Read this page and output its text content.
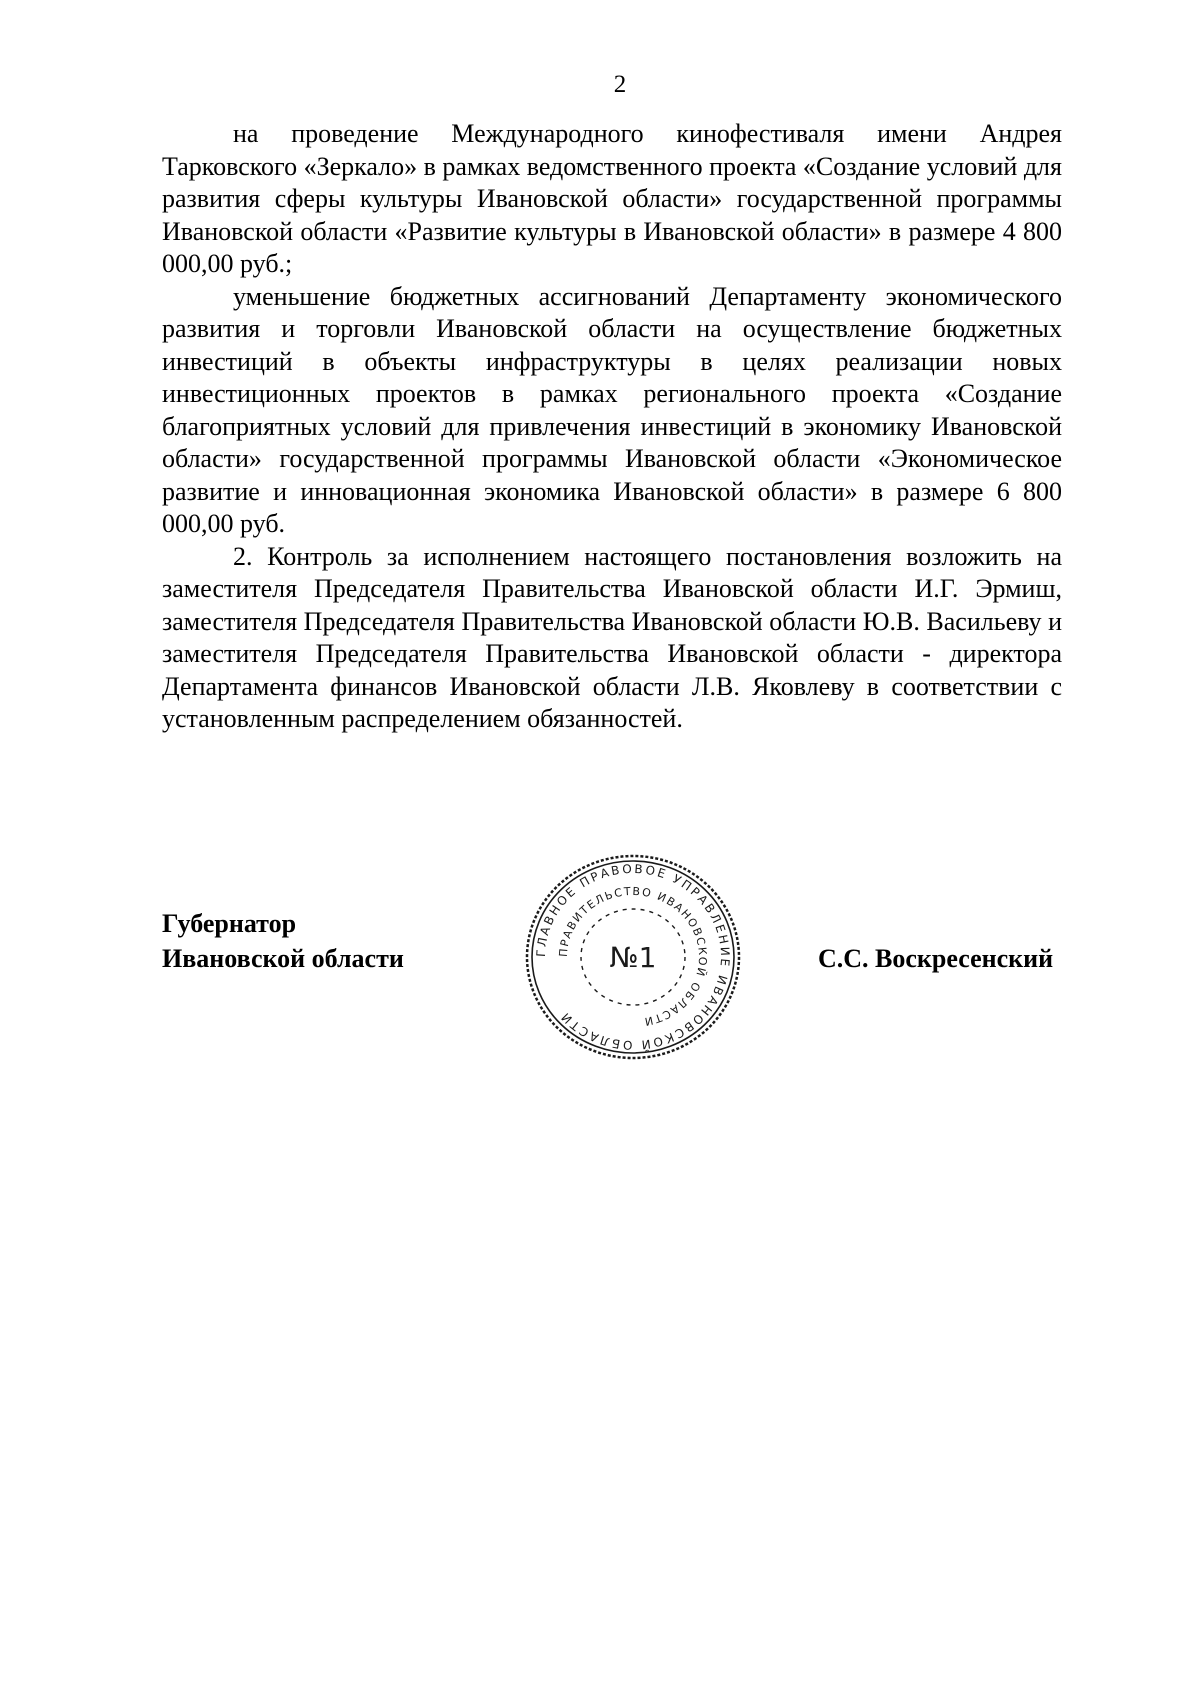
2

на проведение Международного кинофестиваля имени Андрея Тарковского «Зеркало» в рамках ведомственного проекта «Создание условий для развития сферы культуры Ивановской области» государственной программы Ивановской области «Развитие культуры в Ивановской области» в размере 4 800 000,00 руб.;

уменьшение бюджетных ассигнований Департаменту экономического развития и торговли Ивановской области на осуществление бюджетных инвестиций в объекты инфраструктуры в целях реализации новых инвестиционных проектов в рамках регионального проекта «Создание благоприятных условий для привлечения инвестиций в экономику Ивановской области» государственной программы Ивановской области «Экономическое развитие и инновационная экономика Ивановской области» в размере 6 800 000,00 руб.

2. Контроль за исполнением настоящего постановления возложить на заместителя Председателя Правительства Ивановской области И.Г. Эрмиш, заместителя Председателя Правительства Ивановской области Ю.В. Васильеву и заместителя Председателя Правительства Ивановской области - директора Департамента финансов Ивановской области Л.В. Яковлеву в соответствии с установленным распределением обязанностей.

Губернатор
Ивановской области	ГЛАВНОЕ ПРАВОВОЕ УПРАВЛЕНИЕ ИВАНОВСКОЙ ОБЛАСТИ
ПРАВИТЕЛЬСТВО ИВАНОВСКОЙ ОБЛАСТИ
№1	С.С. Воскресенский
